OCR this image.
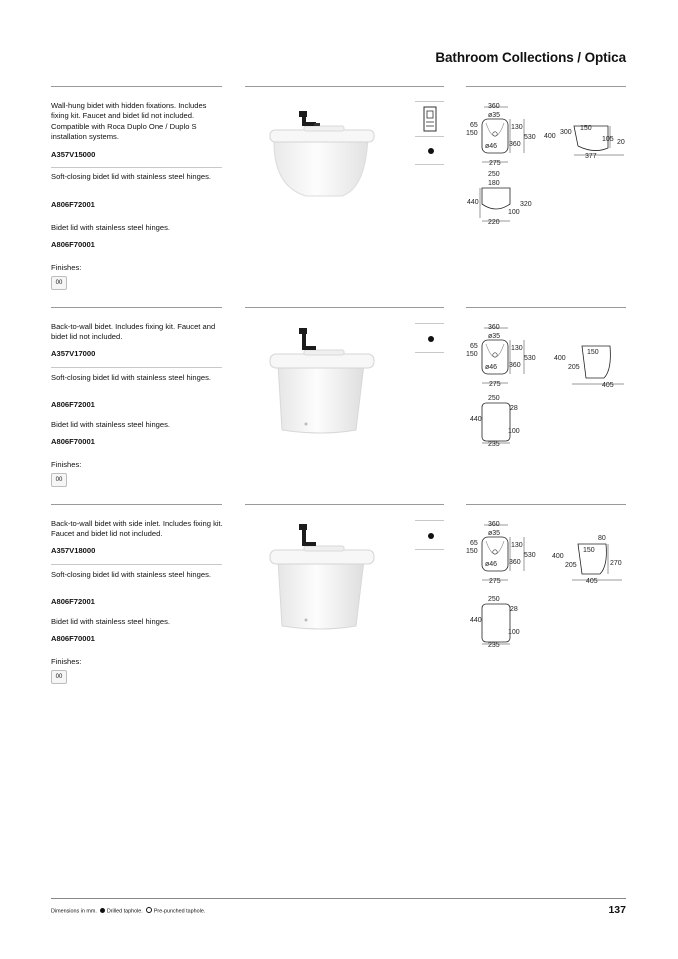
Bathroom Collections / Optica
Wall-hung bidet with hidden fixations. Includes fixing kit. Faucet and bidet lid not included. Compatible with Roca Duplo One / Duplo S installation systems.
A357V15000
Soft-closing bidet lid with stainless steel hinges.
A806F72001
Bidet lid with stainless steel hinges.
A806F70001
Finishes:
00
360
ø35
ø46
65
150
130
360
530
275
400
300
150
105 20
377
250
180
440	320
100
220
Back-to-wall bidet. Includes fixing kit. Faucet and bidet lid not included.
A357V17000
Soft-closing bidet lid with stainless steel hinges.
A806F72001
Bidet lid with stainless steel hinges.
A806F70001
Finishes:
00
360
ø35
ø46
65
150
130
360
530
275
400
150
205
405
250
28
440
100
235
Back-to-wall bidet with side inlet. Includes fixing kit. Faucet and bidet lid not included.
A357V18000
Soft-closing bidet lid with stainless steel hinges.
A806F72001
Bidet lid with stainless steel hinges.
A806F70001
Finishes:
00
360
ø35
ø46
65
150
130
360
530
275
80
400
150
205	270
405
250
28
440
100
235
Dimensions in mm. Drilled taphole. Pre-punched taphole.	137
